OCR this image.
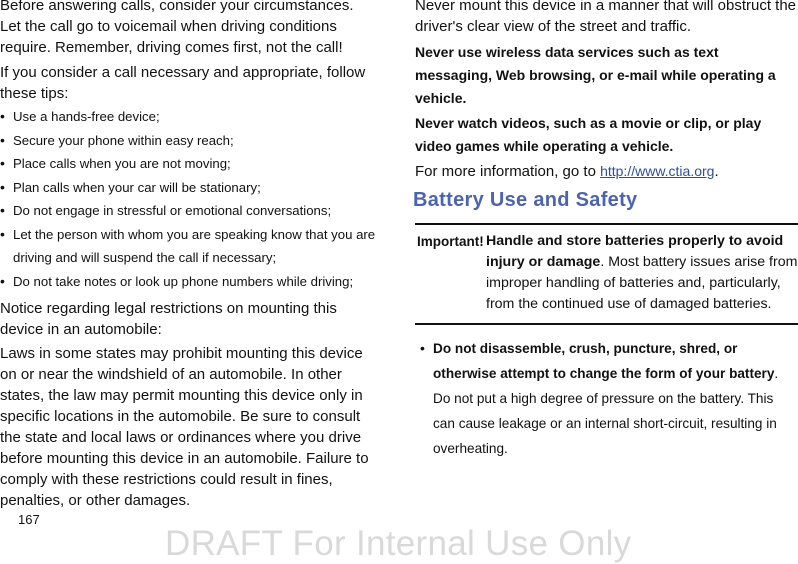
Before answering calls, consider your circumstances. Let the call go to voicemail when driving conditions require. Remember, driving comes first, not the call!

If you consider a call necessary and appropriate, follow these tips:

• Use a hands-free device;
• Secure your phone within easy reach;
• Place calls when you are not moving;
• Plan calls when your car will be stationary;
• Do not engage in stressful or emotional conversations;
• Let the person with whom you are speaking know that you are driving and will suspend the call if necessary;
• Do not take notes or look up phone numbers while driving;

Notice regarding legal restrictions on mounting this device in an automobile:

Laws in some states may prohibit mounting this device on or near the windshield of an automobile. In other states, the law may permit mounting this device only in specific locations in the automobile. Be sure to consult the state and local laws or ordinances where you drive before mounting this device in an automobile. Failure to comply with these restrictions could result in fines, penalties, or other damages.

Never mount this device in a manner that will obstruct the driver's clear view of the street and traffic.

Never use wireless data services such as text messaging, Web browsing, or e-mail while operating a vehicle.

Never watch videos, such as a movie or clip, or play video games while operating a vehicle.

For more information, go to http://www.ctia.org.

Battery Use and Safety
Important! Handle and store batteries properly to avoid injury or damage. Most battery issues arise from improper handling of batteries and, particularly, from the continued use of damaged batteries.
• Do not disassemble, crush, puncture, shred, or otherwise attempt to change the form of your battery. Do not put a high degree of pressure on the battery. This can cause leakage or an internal short-circuit, resulting in overheating.
167
DRAFT For Internal Use Only
